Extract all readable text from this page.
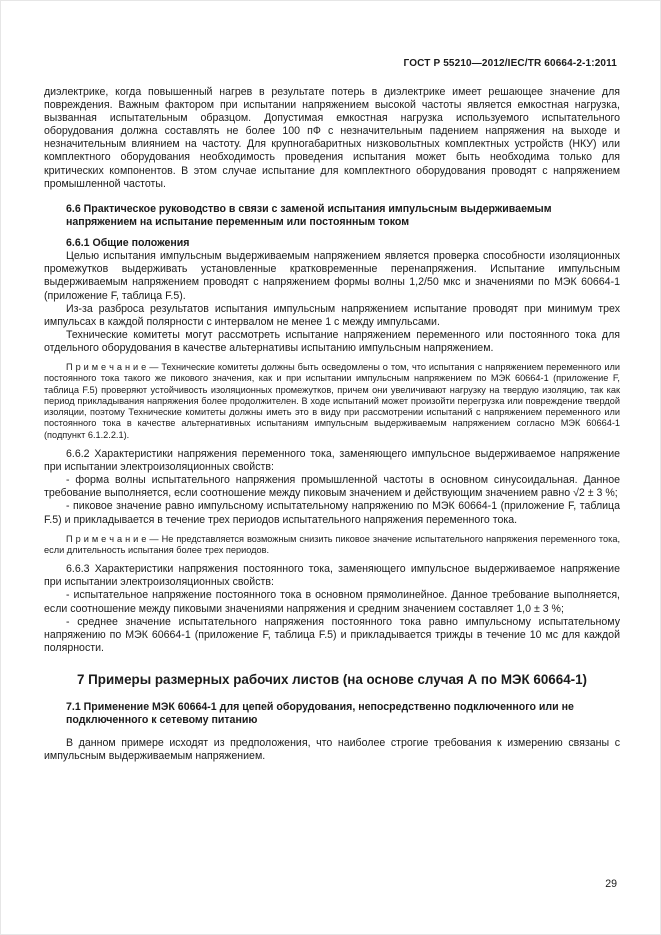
ГОСТ Р 55210—2012/IEC/TR 60664-2-1:2011

диэлектрике, когда повышенный нагрев в результате потерь в диэлектрике имеет решающее значение для повреждения. Важным фактором при испытании напряжением высокой частоты является емкостная нагрузка, вызванная испытательным образцом. Допустимая емкостная нагрузка используемого испытательного оборудования должна составлять не более 100 пФ с незначительным падением напряжения на выходе и незначительным влиянием на частоту. Для крупногабаритных низковольтных комплектных устройств (НКУ) или комплектного оборудования необходимость проведения испытания может быть необходима только для критических компонентов. В этом случае испытание для комплектного оборудования проводят с напряжением промышленной частоты.

6.6 Практическое руководство в связи с заменой испытания импульсным выдерживаемым напряжением на испытание переменным или постоянным током

6.6.1 Общие положения

Целью испытания импульсным выдерживаемым напряжением является проверка способности изоляционных промежутков выдерживать установленные кратковременные перенапряжения. Испытание импульсным выдерживаемым напряжением проводят с напряжением формы волны 1,2/50 мкс и значениями по МЭК 60664-1 (приложение F, таблица F.5).

Из-за разброса результатов испытания импульсным напряжением испытание проводят при минимум трех импульсах в каждой полярности с интервалом не менее 1 с между импульсами.

Технические комитеты могут рассмотреть испытание напряжением переменного или постоянного тока для отдельного оборудования в качестве альтернативы испытанию импульсным напряжением.

П р и м е ч а н и е — Технические комитеты должны быть осведомлены о том, что испытания с напряжением переменного или постоянного тока такого же пикового значения, как и при испытании импульсным напряжением по МЭК 60664-1 (приложение F, таблица F.5) проверяют устойчивость изоляционных промежутков, причем они увеличивают нагрузку на твердую изоляцию, так как период прикладывания напряжения более продолжителен. В ходе испытаний может произойти перегрузка или повреждение твердой изоляции, поэтому Технические комитеты должны иметь это в виду при рассмотрении испытаний с напряжением переменного или постоянного тока в качестве альтернативных испытаниям импульсным выдерживаемым напряжением согласно МЭК 60664-1 (подпункт 6.1.2.2.1).

6.6.2 Характеристики напряжения переменного тока, заменяющего импульсное выдерживаемое напряжение при испытании электроизоляционных свойств:

- форма волны испытательного напряжения промышленной частоты в основном синусоидальная. Данное требование выполняется, если соотношение между пиковым значением и действующим значением равно √2 ± 3 %;

- пиковое значение равно импульсному испытательному напряжению по МЭК 60664-1 (приложение F, таблица F.5) и прикладывается в течение трех периодов испытательного напряжения переменного тока.

П р и м е ч а н и е — Не представляется возможным снизить пиковое значение испытательного напряжения переменного тока, если длительность испытания более трех периодов.

6.6.3 Характеристики напряжения постоянного тока, заменяющего импульсное выдерживаемое напряжение при испытании электроизоляционных свойств:

- испытательное напряжение постоянного тока в основном прямолинейное. Данное требование выполняется, если соотношение между пиковыми значениями напряжения и средним значением составляет 1,0 ± 3 %;

- среднее значение испытательного напряжения постоянного тока равно импульсному испытательному напряжению по МЭК 60664-1 (приложение F, таблица F.5) и прикладывается трижды в течение 10 мс для каждой полярности.

7 Примеры размерных рабочих листов (на основе случая А по МЭК 60664-1)

7.1 Применение МЭК 60664-1 для цепей оборудования, непосредственно подключенного или не подключенного к сетевому питанию

В данном примере исходят из предположения, что наиболее строгие требования к измерению связаны с импульсным выдерживаемым напряжением.

29
